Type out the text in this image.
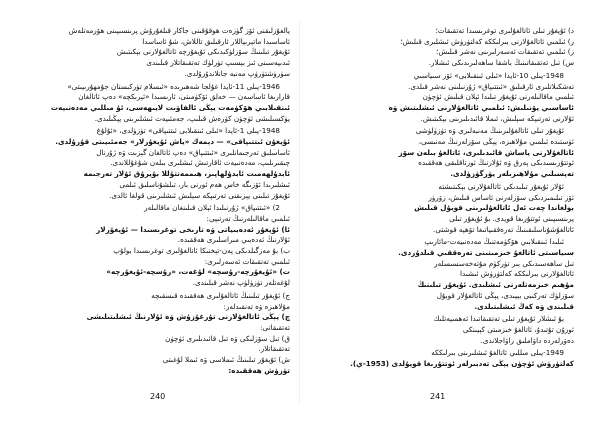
يالغۇزلىقنى ئۆز گۈزەت ھوقۇقىنى جاكار قىلغۇرۇش پرىنسىپىنى ھۆرمەتلەش
ئاساسىدا ماتېرىياللار ئارقىلىق تاللاش، شۇ ئاساسدا
ئۇيغۇر تىلىنىڭ سۆزلۈكىدىكى ئۇيغۇرچە ئاتالغۇلارنى بېكىتىش
ئىدىيەسىنى ئىز بېسىپ تۈرلۈك تەتقىقاتلار قىلىندى
سۈرۈشتۈرۈپ مەنبە جانلاندۇرۇلدى.
1946-يىلى 11-ئايدا غۇلجا شەھىرىدە «ئىسلام تۈركىستان جۇمھۇرىيىتى»
قارارىغا ئاساسەن — خەلق ئۆكۈمىتى، ئارىسىدا «ئېرىكچە» دەپ ئاتالغان
ئىنقىلابىي ھۆكۈمەت يېڭى ئالفاۋىت لايىھەسى، ئۇ مىللىي مەدەنىيەت
يۈكسىلىشى ئۈچۈن كۈرەش قىلىپ، جەمئىيەت ئىشلىرىنى يېڭىلىدى.
1948-يىلى 1-ئايدا «ئىلى ئىنقىلابى ئىتتىپاقى» تۈزۈلدى، «ئۇلۇغ
ئۇيغۇن ئىتتىپاقى» — دېمەك «ياش ئۇيغۇرلار» جەمئىيىتى قۇرۇلدى.
ئاساسلىق تەرجىمانلىرى «ئىتتىپاق» دەپ ئاتالغان گېزىت ۋە ژۇرنال
چىقىرىلىپ، مەدەنىيەت ئاقارتىش ئىشلىرى بىلەن شۇغۇللاندى.
ئابدۇلھەمىت ئابدۇلھاپىز، ھىممەتتۇللا بۇيرۇق ئۇلار تەرجىمە
ئىشلىرىدا ئۆزىگە خاس ھەم ئورنى بار، تىلشۇناسلىق ئىلمى
ئۇيغۇر تىلىنى يېزىقنى تەرتىپكە سېلىش ئىشلىرىنى قولغا ئالدى.
2) «ئىتتىپاق» ژۇرنىلىدا ئېلان قىلىنغان ماقالىلەر
ئىلمىي ماقالىلەرنىڭ تەرتىپى:
ئا) ئۇيغۇر ئەدەبىياتى ۋە تارىخى توغرىسىدا — ئۇيغۇرلار
ئۇلارنىڭ ئەدەبىي مىراسلىرى ھەققىدە.
ب) بۇ مەزگىلدىكى پەن-تېخنىكا ئاتالغۇلىرى توغرىسىدا بولۇپ
ئىلمىي تەتقىقات ئەسەرلىرى:
ت) «ئۇيغۇرچە-رۇسچە» لۇغەت، «رۇسچە-ئۇيغۇرچە»
لۇغەتلەر تۈزۈلۈپ نەشر قىلىندى.
ج) ئۇيغۇر تىلىنىڭ ئاتالغۇلىرى ھەققىدە قىسقىچە
مۇلاھىزە ۋە تەنقىدلەر:
چ) يېڭى ئاتالغۇلارنى تۇرغۇزۇش ۋە ئۇلارنىڭ ئىشلىتىلىشى
تەتقىقاتى:
ق) تىل سۆزلىكى ۋە تىل قائىدىلىرى ئۈچۈن
تەتقىقاتلار.
ش) ئۇيغۇر تىلىنىڭ ئىملاسى ۋە ئىملا لۇغىتى
تۈزۈش ھەققىدە:
240
د) ئۇيغۇر تىلى ئاتالغۇلىرى توغرىسىدا تەتقىقات؛
ر) ئىلمىي ئاتالغۇلارنى بىرلىككە كەلتۈرۈش ئىشلىرى قىلىش؛
ز) ئىلمىي تەتقىقات ئەسەرلىرىنى نەشر قىلىش؛
س) تىل تەتقىقاتىنىڭ باشقا ساھەلىرىدىكى ئىشلار.
1948-يىلى 10-ئايدا «ئىلى ئىنقىلابى» ئۆز سىياسىي
تەشكىلاتلىرى ئارقىلىق «ئىتتىپاق» ژۇرنىلىنى نەشر قىلدى.
ئىلمىي ماقالىلەرنى ئۇيغۇر تىلىدا ئېلان قىلىش ئۈچۈن
ئاساسىي يۆنىلىش: ئىلمىي ئاتالغۇلارنى ئىشلىتىش ۋە
ئۇلارنى تەرتىپكە سېلىش، ئىملا قائىدىلىرىنى بېكىتىش.
ئۇيغۇر تىلى ئاتالغۇلىرىنىڭ مەنبەلىرى ۋە تۈزۈلۈشى
ئۈستىدە ئىلمىي مۇلاھىزە، يېڭى سۆزلەرنىڭ مەنىسى،
ئاتالغۇلارنى ياساش قائىدىلىرى، ئاتالغۇ بىلەن سۆز
ئوتتۇرىسىدىكى پەرق ۋە ئۇلارنىڭ ئورتاقلىقى ھەققىدە
تەپسىلىي مۇلاھىزىلەر يۈرگۈزۈلدى.
ئۇلار ئۇيغۇر تىلىدىكى ئاتالغۇلارنى بېكىتىشتە
ئۆز تىلىمىزدىكى سۆزلەرنى ئاساس قىلىش، زۆرۈر
بولغاندا چەت ئەل ئاتالغۇلىرىنى قوبۇل قىلىش
پرىنسىپىنى ئوتتۇرىغا قويدى. بۇ ئۇيغۇر تىلى
ئاتالغۇشۇناسلىقىنىڭ تەرەققىياتىغا تۆھپە قوشتى.
ئىلىدا ئىنقىلابىي ھۆكۈمەتنىڭ مەدەنىيەت-مائارىپ
سىياسىتى ئاتالغۇ خىزمىتىنى تەرەققىي قىلدۇردى.
تىل ساھەسىدىكى بىر تۈركۈم مۇتەخەسسىسلەر
ئاتالغۇلارنى بىرلىككە كەلتۈرۈش ئىشىدا
مۇھىم خىزمەتلەرنى ئىشلىدى. ئۇيغۇر تىلىنىڭ
سۆزلۈك تەركىبى بېيىدى، يېڭى ئاتالغۇلار قوبۇل
قىلىندى ۋە كەڭ ئىشلىتىلدى.
بۇ ئىشلار ئۇيغۇر تىلى تەتقىقاتىدا ئەھمىيەتلىك
ئورۇن تۇتىدۇ، ئاتالغۇ خىزمىتى كېيىنكى
دەۋرلەردە داۋاملىق راۋاجلاندى.
1949-يىلى مىللىي ئاتالغۇ ئىشلىرىنى بىرلىككە
كەلتۈرۈش ئۈچۈن يېڭى تەدبىرلەر ئوتتۇرىغا قويۇلدى (1953-ي).
241
